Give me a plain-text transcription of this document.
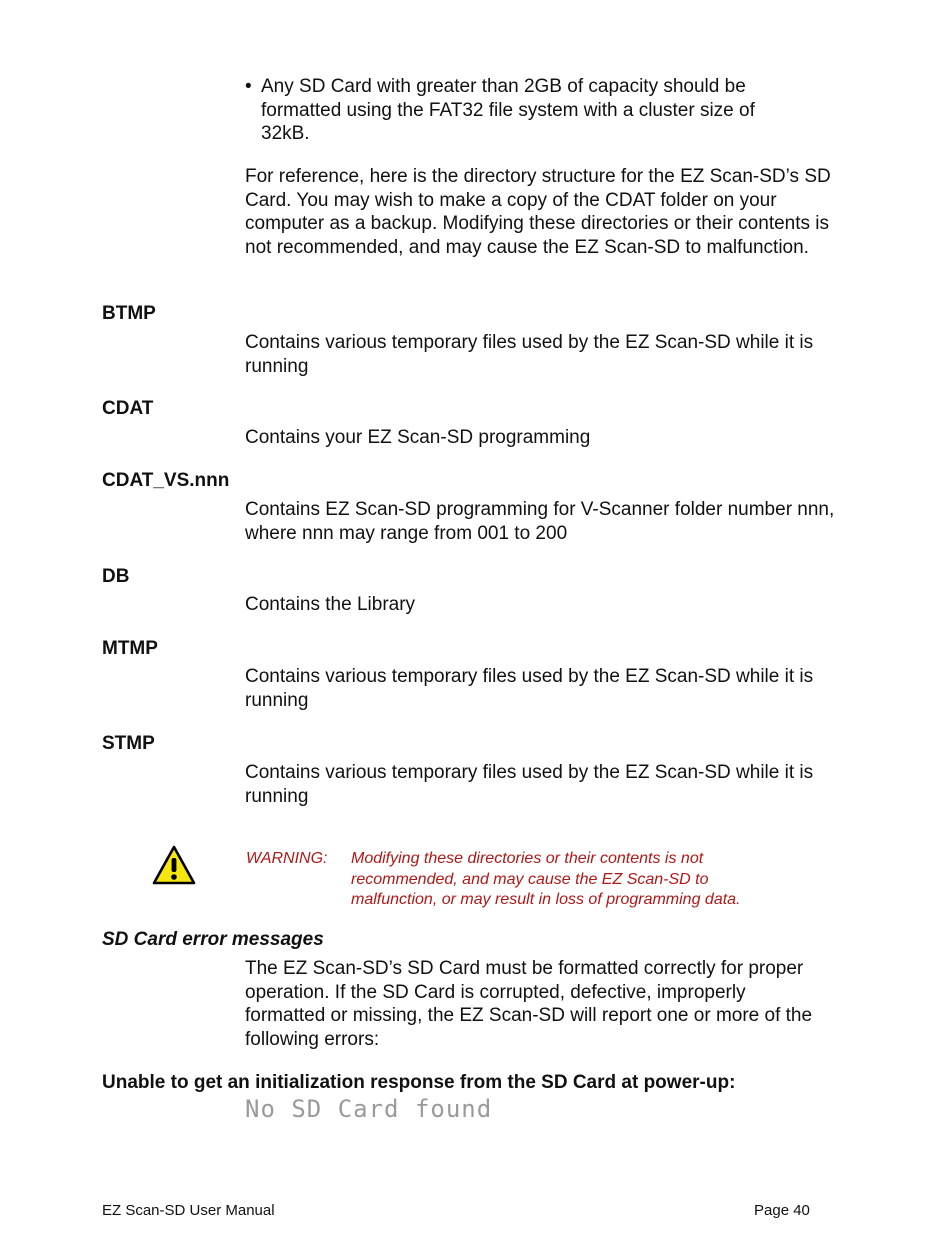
• Any SD Card with greater than 2GB of capacity should be formatted using the FAT32 file system with a cluster size of 32kB.
For reference, here is the directory structure for the EZ Scan-SD’s SD Card. You may wish to make a copy of the CDAT folder on your computer as a backup. Modifying these directories or their contents is not recommended, and may cause the EZ Scan-SD to malfunction.
BTMP
Contains various temporary files used by the EZ Scan-SD while it is running
CDAT
Contains your EZ Scan-SD programming
CDAT_VS.nnn
Contains EZ Scan-SD programming for V-Scanner folder number nnn, where nnn may range from 001 to 200
DB
Contains the Library
MTMP
Contains various temporary files used by the EZ Scan-SD while it is running
STMP
Contains various temporary files used by the EZ Scan-SD while it is running
WARNING: Modifying these directories or their contents is not recommended, and may cause the EZ Scan-SD to malfunction, or may result in loss of programming data.
SD Card error messages
The EZ Scan-SD’s SD Card must be formatted correctly for proper operation. If the SD Card is corrupted, defective, improperly formatted or missing, the EZ Scan-SD will report one or more of the following errors:
Unable to get an initialization response from the SD Card at power-up:
No SD Card found
EZ Scan-SD User Manual	Page 40
